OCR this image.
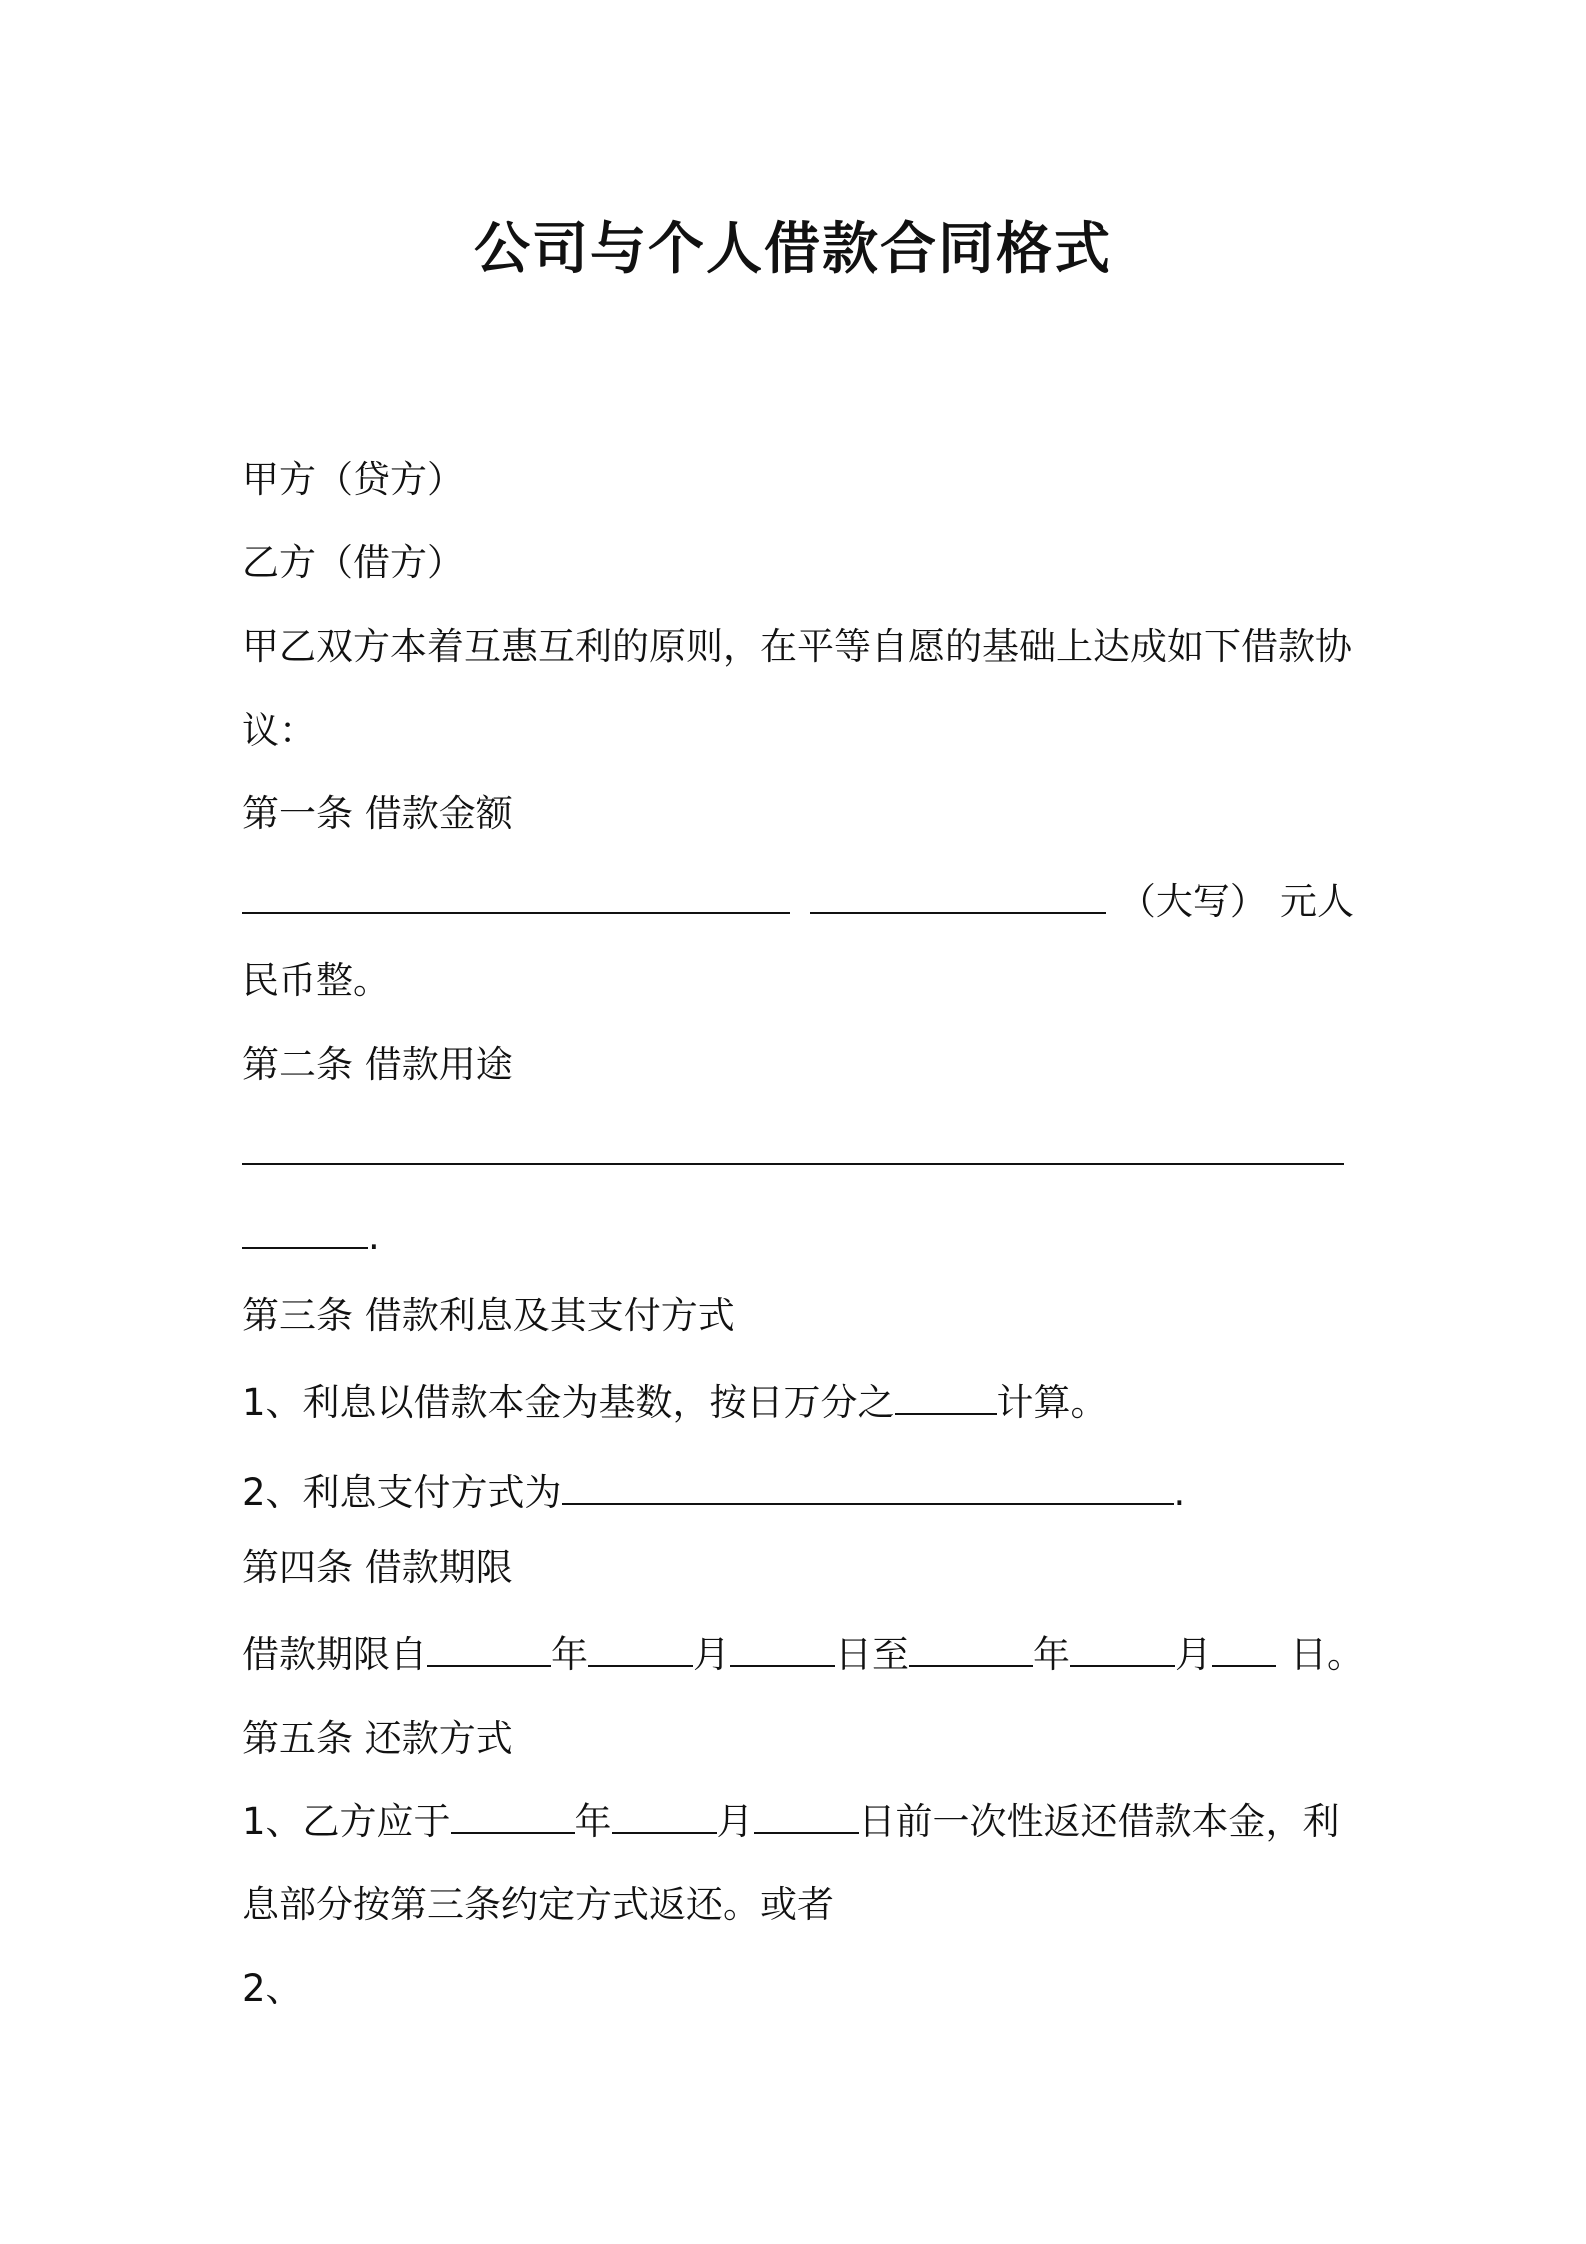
公司与个人借款合同格式
甲方（贷方）
乙方（借方）
甲乙双方本着互惠互利的原则，在平等自愿的基础上达成如下借款协
议：
第一条 借款金额

（大写） 元人
民币整。
第二条 借款用途
.
第三条 借款利息及其支付方式
1、利息以借款本金为基数，按日万分之	计算。
2、利息支付方式为	.
第四条 借款期限
借款期限自	年	月	日至	年	月 日。
第五条 还款方式
1、乙方应于	年	月	日前一次性返还借款本金，利
息部分按第三条约定方式返还。或者
2、
